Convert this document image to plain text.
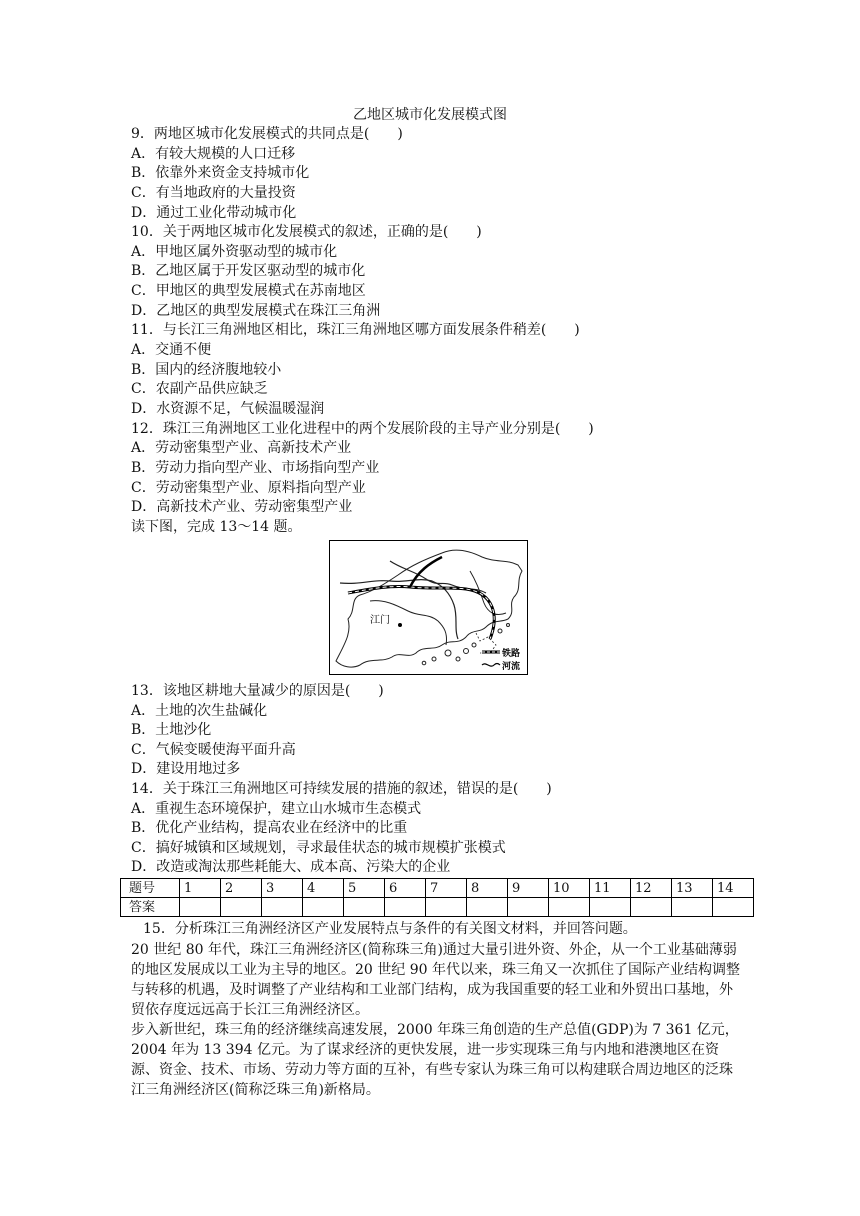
乙地区城市化发展模式图
9．两地区城市化发展模式的共同点是(　　)
A．有较大规模的人口迁移
B．依靠外来资金支持城市化
C．有当地政府的大量投资
D．通过工业化带动城市化
10．关于两地区城市化发展模式的叙述，正确的是(　　)
A．甲地区属外资驱动型的城市化
B．乙地区属于开发区驱动型的城市化
C．甲地区的典型发展模式在苏南地区
D．乙地区的典型发展模式在珠江三角洲
11．与长江三角洲地区相比，珠江三角洲地区哪方面发展条件稍差(　　)
A．交通不便
B．国内的经济腹地较小
C．农副产品供应缺乏
D．水资源不足，气候温暖湿润
12．珠江三角洲地区工业化进程中的两个发展阶段的主导产业分别是(　　)
A．劳动密集型产业、高新技术产业
B．劳动力指向型产业、市场指向型产业
C．劳动密集型产业、原料指向型产业
D．高新技术产业、劳动密集型产业
读下图，完成 13～14 题。
江门
铁路
河流
13．该地区耕地大量减少的原因是(　　)
A．土地的次生盐碱化
B．土地沙化
C．气候变暖使海平面升高
D．建设用地过多
14．关于珠江三角洲地区可持续发展的措施的叙述，错误的是(　　)
A．重视生态环境保护，建立山水城市生态模式
B．优化产业结构，提高农业在经济中的比重
C．搞好城镇和区域规划，寻求最佳状态的城市规模扩张模式
D．改造或淘汰那些耗能大、成本高、污染大的企业
题号	1	2	3	4	5	6	7	8	9	10	11	12	13	14
答案														
15．分析珠江三角洲经济区产业发展特点与条件的有关图文材料，并回答问题。
20 世纪 80 年代，珠江三角洲经济区(简称珠三角)通过大量引进外资、外企，从一个工业基础薄弱的地区发展成以工业为主导的地区。20 世纪 90 年代以来，珠三角又一次抓住了国际产业结构调整与转移的机遇，及时调整了产业结构和工业部门结构，成为我国重要的轻工业和外贸出口基地，外贸依存度远远高于长江三角洲经济区。
步入新世纪，珠三角的经济继续高速发展，2000 年珠三角创造的生产总值(GDP)为 7 361 亿元，2004 年为 13 394 亿元。为了谋求经济的更快发展，进一步实现珠三角与内地和港澳地区在资源、资金、技术、市场、劳动力等方面的互补，有些专家认为珠三角可以构建联合周边地区的泛珠江三角洲经济区(简称泛珠三角)新格局。
